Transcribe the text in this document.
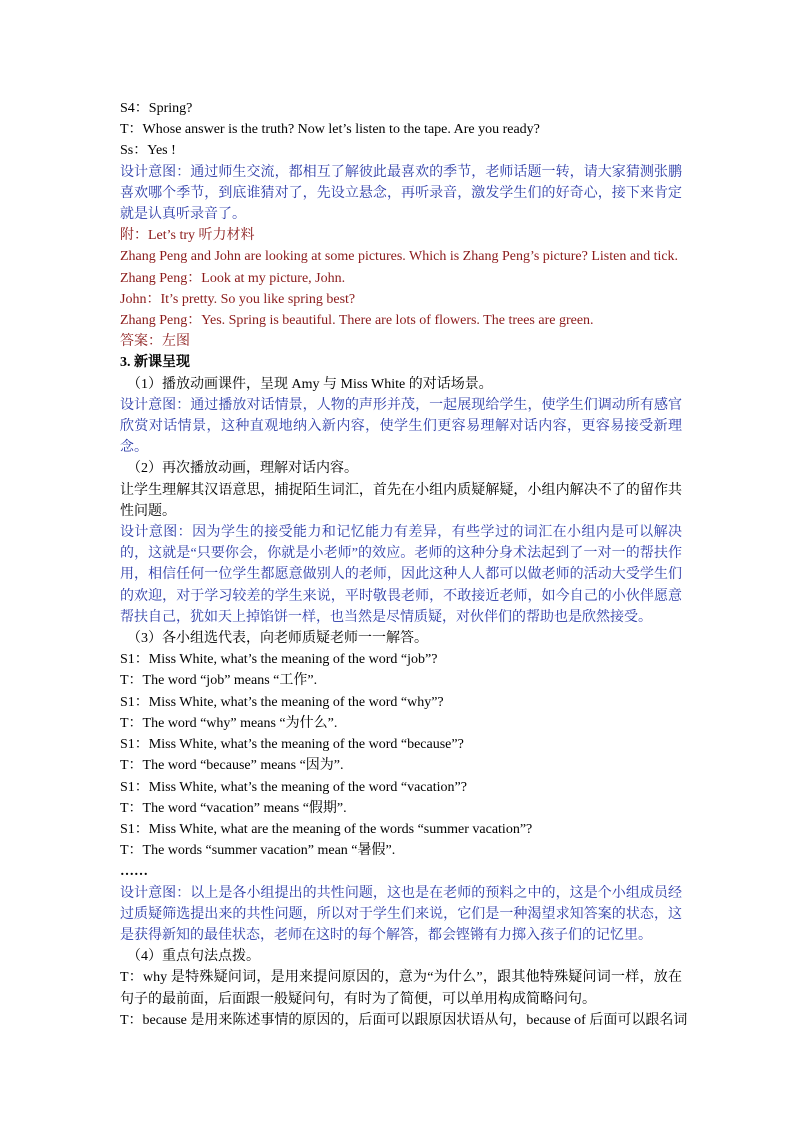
S4：Spring?
T：Whose answer is the truth? Now let’s listen to the tape. Are you ready?
Ss：Yes !
设计意图：通过师生交流，都相互了解彼此最喜欢的季节，老师话题一转，请大家猜测张鹏喜欢哪个季节，到底谁猜对了，先设立悬念，再听录音，激发学生们的好奇心，接下来肯定就是认真听录音了。
附：Let’s try 听力材料
Zhang Peng and John are looking at some pictures. Which is Zhang Peng’s picture? Listen and tick.
Zhang Peng：Look at my picture, John.
John：It’s pretty. So you like spring best?
Zhang Peng：Yes. Spring is beautiful. There are lots of flowers. The trees are green.
答案：左图
3. 新课呈现
（1）播放动画课件，呈现 Amy 与 Miss White 的对话场景。
设计意图：通过播放对话情景，人物的声形并茂，一起展现给学生，使学生们调动所有感官欣赏对话情景，这种直观地纳入新内容，使学生们更容易理解对话内容，更容易接受新理念。
（2）再次播放动画，理解对话内容。
让学生理解其汉语意思，捕捉陌生词汇，首先在小组内质疑解疑，小组内解决不了的留作共性问题。
设计意图：因为学生的接受能力和记忆能力有差异，有些学过的词汇在小组内是可以解决的，这就是“只要你会，你就是小老师”的效应。老师的这种分身术法起到了一对一的帮扶作用，相信任何一位学生都愿意做别人的老师，因此这种人人都可以做老师的活动大受学生们的欢迎，对于学习较差的学生来说，平时敬畏老师，不敢接近老师，如今自己的小伙伴愿意帮扶自己，犹如天上掉馅饼一样，也当然是尽情质疑，对伙伴们的帮助也是欣然接受。
（3）各小组选代表，向老师质疑老师一一解答。
S1：Miss White, what’s the meaning of the word “job”?
T：The word “job” means “工作”.
S1：Miss White, what’s the meaning of the word “why”?
T：The word “why” means “为什么”.
S1：Miss White, what’s the meaning of the word “because”?
T：The word “because” means “因为”.
S1：Miss White, what’s the meaning of the word “vacation”?
T：The word “vacation” means “假期”.
S1：Miss White, what are the meaning of the words “summer vacation”?
T：The words “summer vacation” mean “暑假”.
……
设计意图：以上是各小组提出的共性问题，这也是在老师的预料之中的，这是个小组成员经过质疑筛选提出来的共性问题，所以对于学生们来说，它们是一种渴望求知答案的状态，这是获得新知的最佳状态，老师在这时的每个解答，都会铿锵有力掷入孩子们的记忆里。
（4）重点句法点拨。
T：why 是特殊疑问词，是用来提问原因的，意为“为什么”，跟其他特殊疑问词一样，放在句子的最前面，后面跟一般疑问句，有时为了简便，可以单用构成简略问句。
T：because 是用来陈述事情的原因的，后面可以跟原因状语从句，because of 后面可以跟名词
